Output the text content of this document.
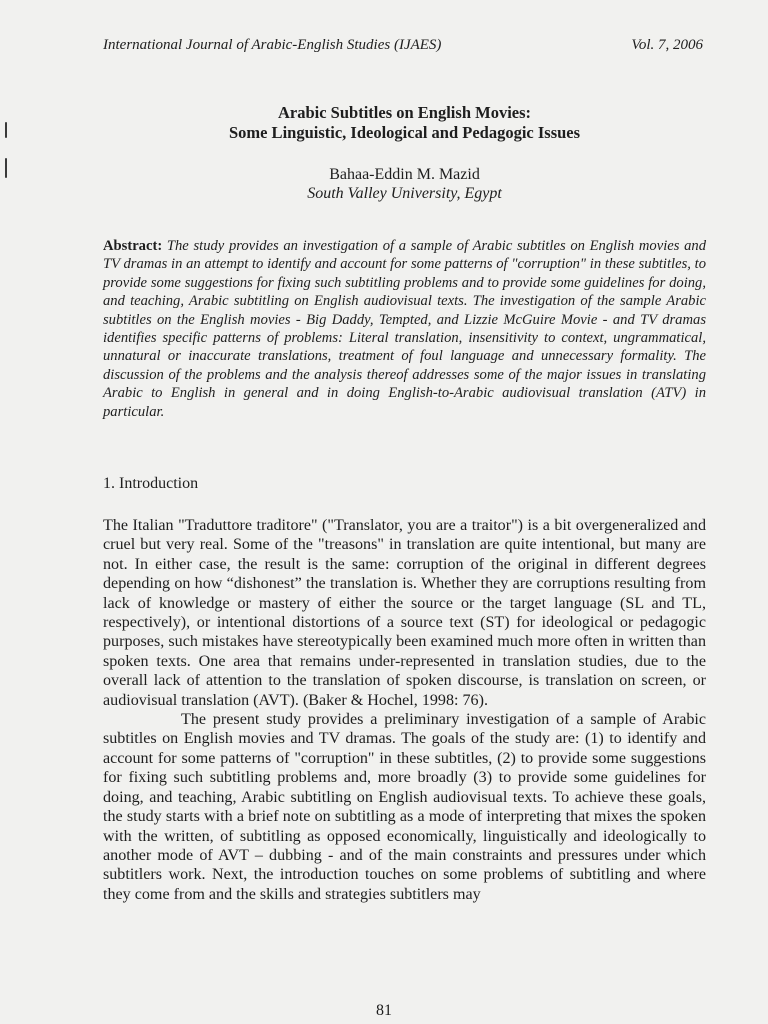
International Journal of Arabic-English Studies (IJAES)	Vol. 7, 2006
Arabic Subtitles on English Movies:
Some Linguistic, Ideological and Pedagogic Issues
Bahaa-Eddin M. Mazid
South Valley University, Egypt
Abstract: The study provides an investigation of a sample of Arabic subtitles on English movies and TV dramas in an attempt to identify and account for some patterns of "corruption" in these subtitles, to provide some suggestions for fixing such subtitling problems and to provide some guidelines for doing, and teaching, Arabic subtitling on English audiovisual texts. The investigation of the sample Arabic subtitles on the English movies - Big Daddy, Tempted, and Lizzie McGuire Movie - and TV dramas identifies specific patterns of problems: Literal translation, insensitivity to context, ungrammatical, unnatural or inaccurate translations, treatment of foul language and unnecessary formality. The discussion of the problems and the analysis thereof addresses some of the major issues in translating Arabic to English in general and in doing English-to-Arabic audiovisual translation (ATV) in particular.
1. Introduction

The Italian "Traduttore traditore" ("Translator, you are a traitor") is a bit overgeneralized and cruel but very real. Some of the "treasons" in translation are quite intentional, but many are not. In either case, the result is the same: corruption of the original in different degrees depending on how “dishonest” the translation is. Whether they are corruptions resulting from lack of knowledge or mastery of either the source or the target language (SL and TL, respectively), or intentional distortions of a source text (ST) for ideological or pedagogic purposes, such mistakes have stereotypically been examined much more often in written than spoken texts. One area that remains under-represented in translation studies, due to the overall lack of attention to the translation of spoken discourse, is translation on screen, or audiovisual translation (AVT). (Baker & Hochel, 1998: 76).

The present study provides a preliminary investigation of a sample of Arabic subtitles on English movies and TV dramas. The goals of the study are: (1) to identify and account for some patterns of "corruption" in these subtitles, (2) to provide some suggestions for fixing such subtitling problems and, more broadly (3) to provide some guidelines for doing, and teaching, Arabic subtitling on English audiovisual texts. To achieve these goals, the study starts with a brief note on subtitling as a mode of interpreting that mixes the spoken with the written, of subtitling as opposed economically, linguistically and ideologically to another mode of AVT – dubbing - and of the main constraints and pressures under which subtitlers work. Next, the introduction touches on some problems of subtitling and where they come from and the skills and strategies subtitlers may

81
